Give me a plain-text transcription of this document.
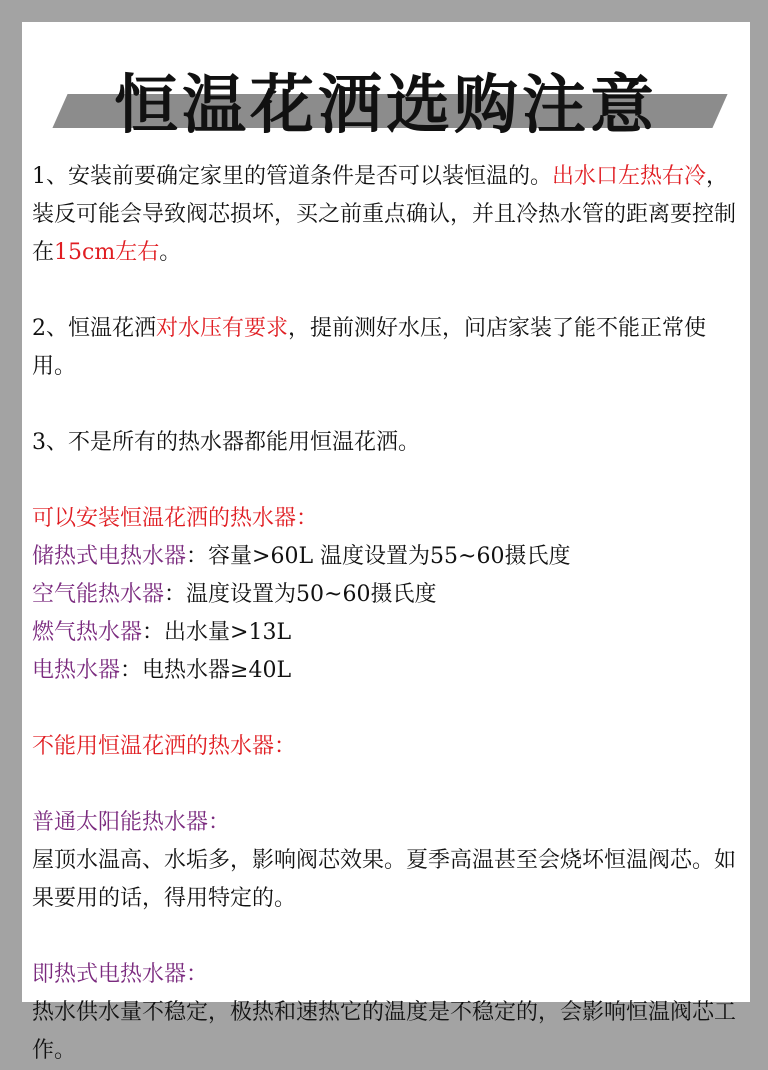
恒温花洒选购注意

1、安装前要确定家里的管道条件是否可以装恒温的。出水口左热右冷，装反可能会导致阀芯损坏，买之前重点确认，并且冷热水管的距离要控制在15cm左右。

2、恒温花洒对水压有要求，提前测好水压，问店家装了能不能正常使用。

3、不是所有的热水器都能用恒温花洒。

可以安装恒温花洒的热水器：

储热式电热水器：容量>60L 温度设置为55~60摄氏度

空气能热水器：温度设置为50~60摄氏度

燃气热水器：出水量>13L

电热水器：电热水器≥40L

不能用恒温花洒的热水器：

普通太阳能热水器：

屋顶水温高、水垢多，影响阀芯效果。夏季高温甚至会烧坏恒温阀芯。如果要用的话，得用特定的。

即热式电热水器：

热水供水量不稳定，极热和速热它的温度是不稳定的，会影响恒温阀芯工作。
